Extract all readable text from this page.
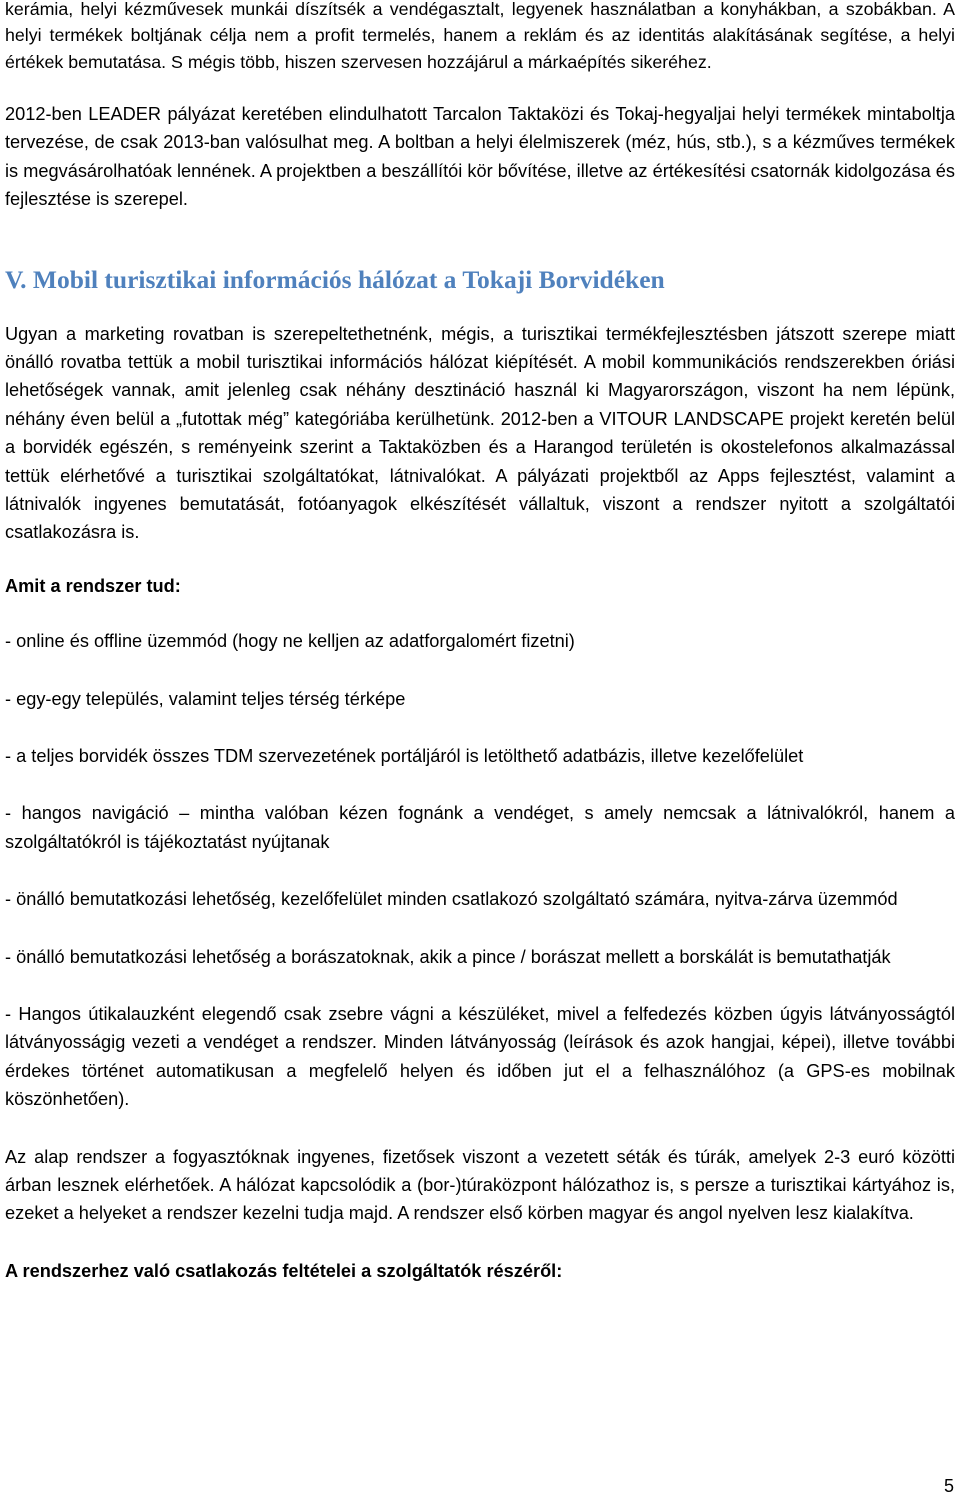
kerámia, helyi kézművesek munkái díszítsék a vendégasztalt, legyenek használatban a konyhákban, a szobákban. A helyi termékek boltjának célja nem a profit termelés, hanem a reklám és az identitás alakításának segítése, a helyi értékek bemutatása. S mégis több, hiszen szervesen hozzájárul a márkaépítés sikeréhez.

2012-ben LEADER pályázat keretében elindulhatott Tarcalon Taktaközi és Tokaj-hegyaljai helyi termékek mintaboltja tervezése, de csak 2013-ban valósulhat meg. A boltban a helyi élelmiszerek (méz, hús, stb.), s a kézműves termékek is megvásárolhatóak lennének. A projektben a beszállítói kör bővítése, illetve az értékesítési csatornák kidolgozása és fejlesztése is szerepel.

V. Mobil turisztikai információs hálózat a Tokaji Borvidéken

Ugyan a marketing rovatban is szerepeltethetnénk, mégis, a turisztikai termékfejlesztésben játszott szerepe miatt önálló rovatba tettük a mobil turisztikai információs hálózat kiépítését. A mobil kommunikációs rendszerekben óriási lehetőségek vannak, amit jelenleg csak néhány desztináció használ ki Magyarországon, viszont ha nem lépünk, néhány éven belül a „futottak még” kategóriába kerülhetünk. 2012-ben a VITOUR LANDSCAPE projekt keretén belül a borvidék egészén, s reményeink szerint a Taktaközben és a Harangod területén is okostelefonos alkalmazással tettük elérhetővé a turisztikai szolgáltatókat, látnivalókat. A pályázati projektből az Apps fejlesztést, valamint a látnivalók ingyenes bemutatását, fotóanyagok elkészítését vállaltuk, viszont a rendszer nyitott a szolgáltatói csatlakozásra is.

Amit a rendszer tud:

- online és offline üzemmód (hogy ne kelljen az adatforgalomért fizetni)

- egy-egy település, valamint teljes térség térképe

- a teljes borvidék összes TDM szervezetének portáljáról is letölthető adatbázis, illetve kezelőfelület

- hangos navigáció – mintha valóban kézen fognánk a vendéget, s amely nemcsak a látnivalókról, hanem a szolgáltatókról is tájékoztatást nyújtanak

- önálló bemutatkozási lehetőség, kezelőfelület minden csatlakozó szolgáltató számára, nyitva-zárva üzemmód

- önálló bemutatkozási lehetőség a borászatoknak, akik a pince / borászat mellett a borskálát is bemutathatják

- Hangos útikalauzként elegendő csak zsebre vágni a készüléket, mivel a felfedezés közben úgyis látványosságtól látványosságig vezeti a vendéget a rendszer. Minden látványosság (leírások és azok hangjai, képei), illetve további érdekes történet automatikusan a megfelelő helyen és időben jut el a felhasználóhoz (a GPS-es mobilnak köszönhetően).

Az alap rendszer a fogyasztóknak ingyenes, fizetősek viszont a vezetett séták és túrák, amelyek 2-3 euró közötti árban lesznek elérhetőek. A hálózat kapcsolódik a (bor-)túraközpont hálózathoz is, s persze a turisztikai kártyához is, ezeket a helyeket a rendszer kezelni tudja majd. A rendszer első körben magyar és angol nyelven lesz kialakítva.

A rendszerhez való csatlakozás feltételei a szolgáltatók részéről:

5
